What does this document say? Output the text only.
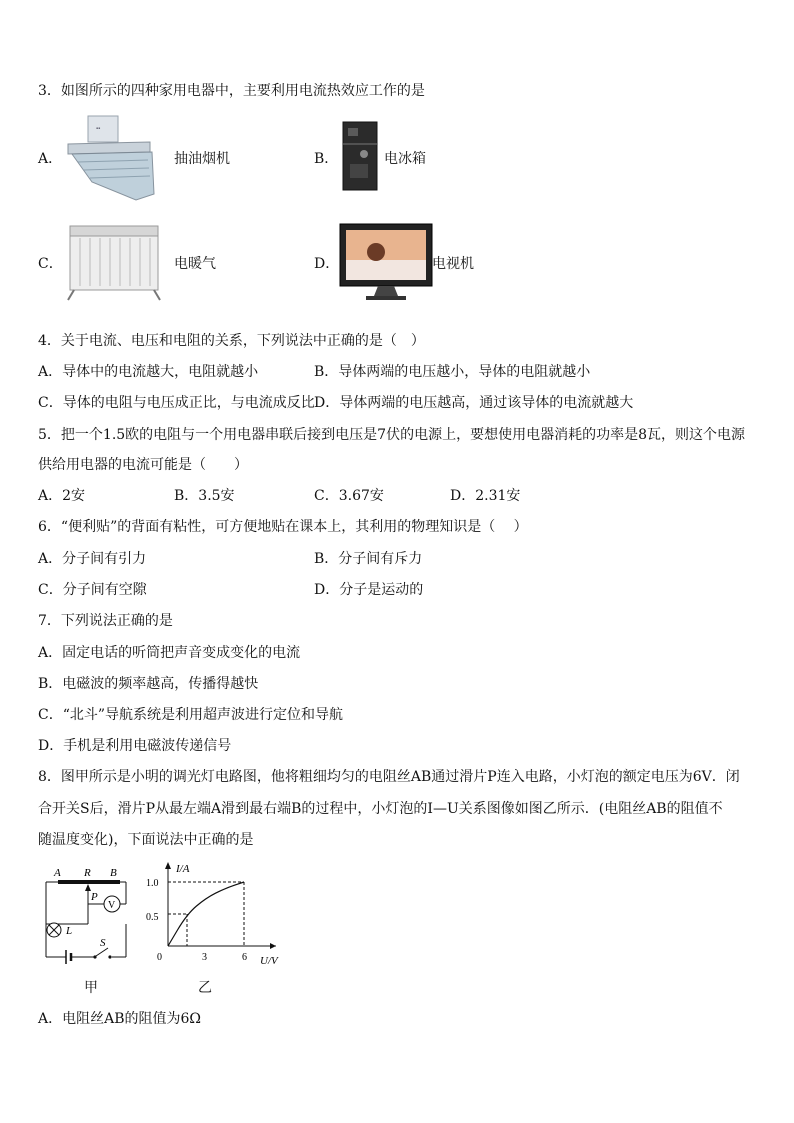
3．如图所示的四种家用电器中，主要利用电流热效应工作的是
A．
▪▪
抽油烟机	B．	电冰箱
C．	电暖气	D．	电视机
4．关于电流、电压和电阻的关系，下列说法中正确的是（　）
A．导体中的电流越大，电阻就越小	B．导体两端的电压越小，导体的电阻就越小
C．导体的电阻与电压成正比，与电流成反比 D．导体两端的电压越高，通过该导体的电流就越大
5．把一个1.5欧的电阻与一个用电器串联后接到电压是7伏的电源上，要想使用电器消耗的功率是8瓦，则这个电源
供给用电器的电流可能是（　　）
A．2安	B．3.5安	C．3.67安	D．2.31安
6．“便利贴”的背面有粘性，可方便地贴在课本上，其利用的物理知识是（　 ）
A．分子间有引力	B．分子间有斥力
C．分子间有空隙	D．分子是运动的
7．下列说法正确的是
A．固定电话的听筒把声音变成变化的电流
B．电磁波的频率越高，传播得越快
C．“北斗”导航系统是利用超声波进行定位和导航
D．手机是利用电磁波传递信号
8．图甲所示是小明的调光灯电路图，他将粗细均匀的电阻丝AB通过滑片P连入电路，小灯泡的额定电压为6V．闭
合开关S后，滑片P从最左端A滑到最右端B的过程中，小灯泡的I—U关系图像如图乙所示．(电阻丝AB的阻值不
随温度变化)，下面说法中正确的是
A R B
P
V
L
S
甲
I/A
U/V
1.0
0.5
0	3	6
乙
A．电阻丝AB的阻值为6Ω
